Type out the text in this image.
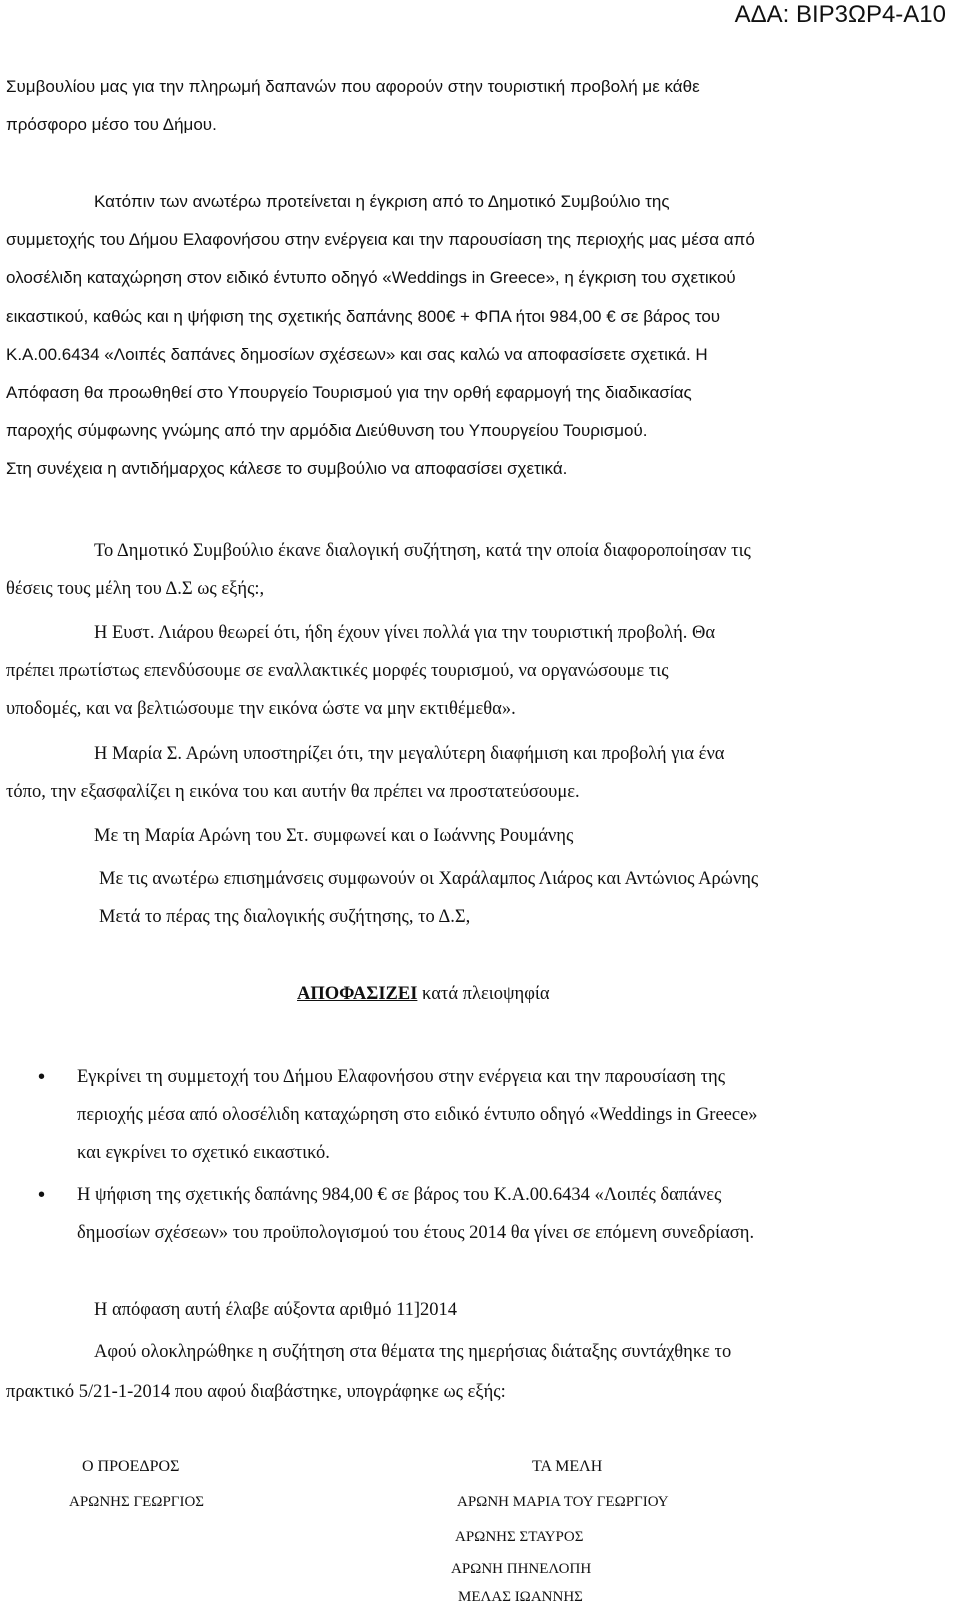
ΑΔΑ: ΒΙΡ3ΩΡ4-Α10
Συμβουλίου μας για την πληρωμή δαπανών που αφορούν στην τουριστική προβολή με κάθε
πρόσφορο μέσο του Δήμου.
Κατόπιν των ανωτέρω προτείνεται η έγκριση από το Δημοτικό Συμβούλιο της
συμμετοχής του Δήμου Ελαφονήσου στην ενέργεια και την παρουσίαση της περιοχής μας μέσα από
ολοσέλιδη καταχώρηση στον ειδικό έντυπο οδηγό «Weddings in Greece», η έγκριση του σχετικού
εικαστικού, καθώς και η ψήφιση της σχετικής δαπάνης 800€ + ΦΠΑ ήτοι 984,00 € σε βάρος του
Κ.Α.00.6434 «Λοιπές δαπάνες δημοσίων σχέσεων» και σας καλώ να αποφασίσετε σχετικά. Η
Απόφαση θα προωθηθεί στο Υπουργείο Τουρισμού για την ορθή εφαρμογή της διαδικασίας
παροχής σύμφωνης γνώμης από την αρμόδια Διεύθυνση του Υπουργείου Τουρισμού.
Στη συνέχεια η αντιδήμαρχος κάλεσε το συμβούλιο να αποφασίσει σχετικά.
Το Δημοτικό Συμβούλιο έκανε διαλογική συζήτηση, κατά την οποία διαφοροποίησαν τις
θέσεις τους μέλη του Δ.Σ ως εξής:,
Η Ευστ. Λιάρου θεωρεί ότι, ήδη έχουν γίνει πολλά για την τουριστική προβολή. Θα
πρέπει πρωτίστως επενδύσουμε σε εναλλακτικές μορφές τουρισμού, να οργανώσουμε τις
υποδομές, και να βελτιώσουμε την εικόνα ώστε να μην εκτιθέμεθα».
Η Μαρία Σ. Αρώνη υποστηρίζει ότι, την μεγαλύτερη διαφήμιση και προβολή για ένα
τόπο, την εξασφαλίζει η εικόνα του και αυτήν θα πρέπει να προστατεύσουμε.
Με τη Μαρία Αρώνη του Στ. συμφωνεί και ο Ιωάννης Ρουμάνης
Με τις ανωτέρω επισημάνσεις συμφωνούν οι Χαράλαμπος Λιάρος και Αντώνιος Αρώνης
Μετά το πέρας της διαλογικής συζήτησης, το Δ.Σ,
ΑΠΟΦΑΣΙΖΕΙ κατά πλειοψηφία
• Εγκρίνει τη συμμετοχή του Δήμου Ελαφονήσου στην ενέργεια και την παρουσίαση της
περιοχής μέσα από ολοσέλιδη καταχώρηση στο ειδικό έντυπο οδηγό «Weddings in Greece»
και εγκρίνει το σχετικό εικαστικό.
• Η ψήφιση της σχετικής δαπάνης 984,00 € σε βάρος του Κ.Α.00.6434 «Λοιπές δαπάνες
δημοσίων σχέσεων» του προϋπολογισμού του έτους 2014 θα γίνει σε επόμενη συνεδρίαση.
Η απόφαση αυτή έλαβε αύξοντα αριθμό 11]2014
Αφού ολοκληρώθηκε η συζήτηση στα θέματα της ημερήσιας διάταξης συντάχθηκε το
πρακτικό 5/21-1-2014 που αφού διαβάστηκε, υπογράφηκε ως εξής:
Ο ΠΡΟΕΔΡΟΣ
ΑΡΩΝΗΣ ΓΕΩΡΓΙΟΣ
ΤΑ ΜΕΛΗ
ΑΡΩΝΗ ΜΑΡΙΑ ΤΟΥ ΓΕΩΡΓΙΟΥ
ΑΡΩΝΗΣ ΣΤΑΥΡΟΣ
ΑΡΩΝΗ ΠΗΝΕΛΟΠΗ
ΜΕΛΑΣ ΙΩΑΝΝΗΣ
